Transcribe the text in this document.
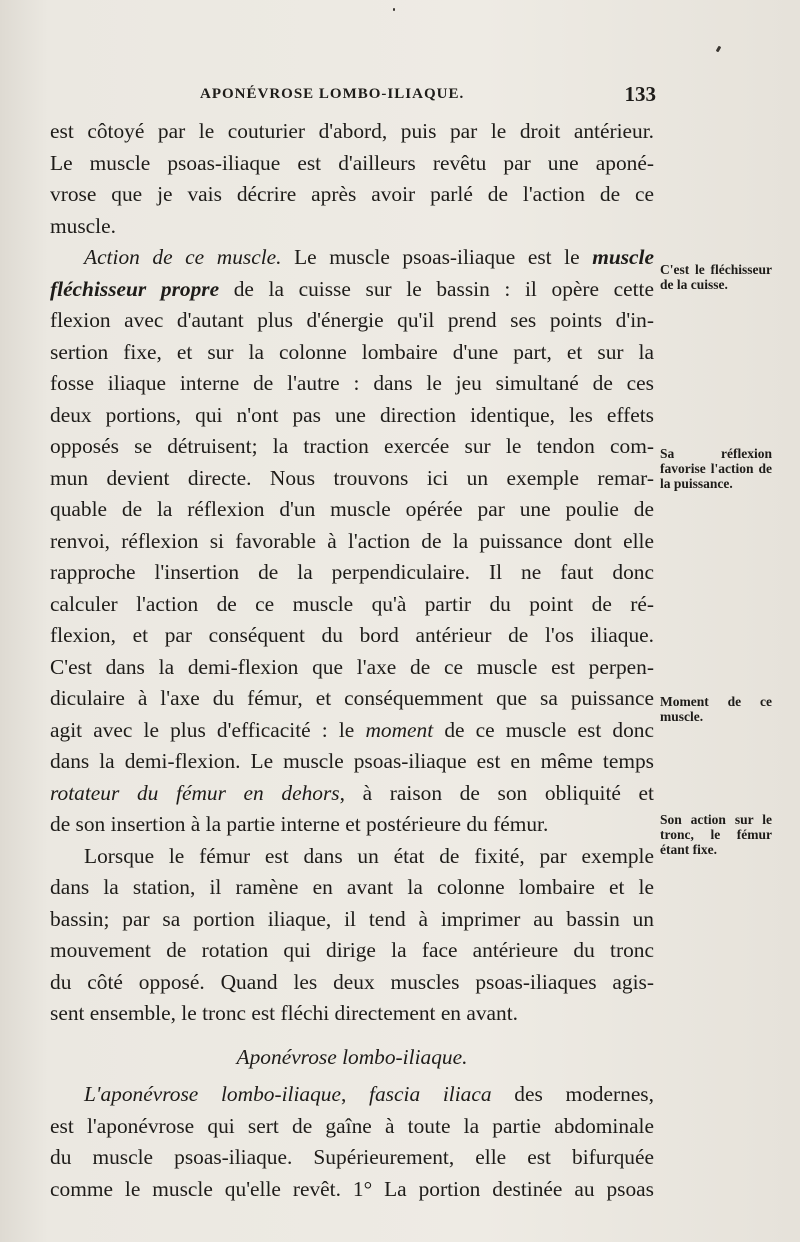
APONÉVROSE LOMBO-ILIAQUE.	133

est côtoyé par le couturier d'abord, puis par le droit antérieur.
Le muscle psoas-iliaque est d'ailleurs revêtu par une aponé-
vrose que je vais décrire après avoir parlé de l'action de ce
muscle.

Action de ce muscle. Le muscle psoas-iliaque est le muscle
fléchisseur propre de la cuisse sur le bassin : il opère cette
flexion avec d'autant plus d'énergie qu'il prend ses points d'in-
sertion fixe, et sur la colonne lombaire d'une part, et sur la
fosse iliaque interne de l'autre : dans le jeu simultané de ces
deux portions, qui n'ont pas une direction identique, les effets
opposés se détruisent; la traction exercée sur le tendon com-
mun devient directe. Nous trouvons ici un exemple remar-
quable de la réflexion d'un muscle opérée par une poulie de
renvoi, réflexion si favorable à l'action de la puissance dont elle
rapproche l'insertion de la perpendiculaire. Il ne faut donc
calculer l'action de ce muscle qu'à partir du point de ré-
flexion, et par conséquent du bord antérieur de l'os iliaque.
C'est dans la demi-flexion que l'axe de ce muscle est perpen-
diculaire à l'axe du fémur, et conséquemment que sa puissance
agit avec le plus d'efficacité : le moment de ce muscle est donc
dans la demi-flexion. Le muscle psoas-iliaque est en même temps
rotateur du fémur en dehors, à raison de son obliquité et
de son insertion à la partie interne et postérieure du fémur.

Lorsque le fémur est dans un état de fixité, par exemple
dans la station, il ramène en avant la colonne lombaire et le
bassin; par sa portion iliaque, il tend à imprimer au bassin un
mouvement de rotation qui dirige la face antérieure du tronc
du côté opposé. Quand les deux muscles psoas-iliaques agis-
sent ensemble, le tronc est fléchi directement en avant.

Aponévrose lombo-iliaque.

L'aponévrose lombo-iliaque, fascia iliaca des modernes,
est l'aponévrose qui sert de gaîne à toute la partie abdominale
du muscle psoas-iliaque. Supérieurement, elle est bifurquée
comme le muscle qu'elle revêt. 1° La portion destinée au psoas

C'est le fléchisseur de la cuisse.
Sa réflexion favorise l'action de la puissance.
Moment de ce muscle.
Son action sur le tronc, le fémur étant fixe.
